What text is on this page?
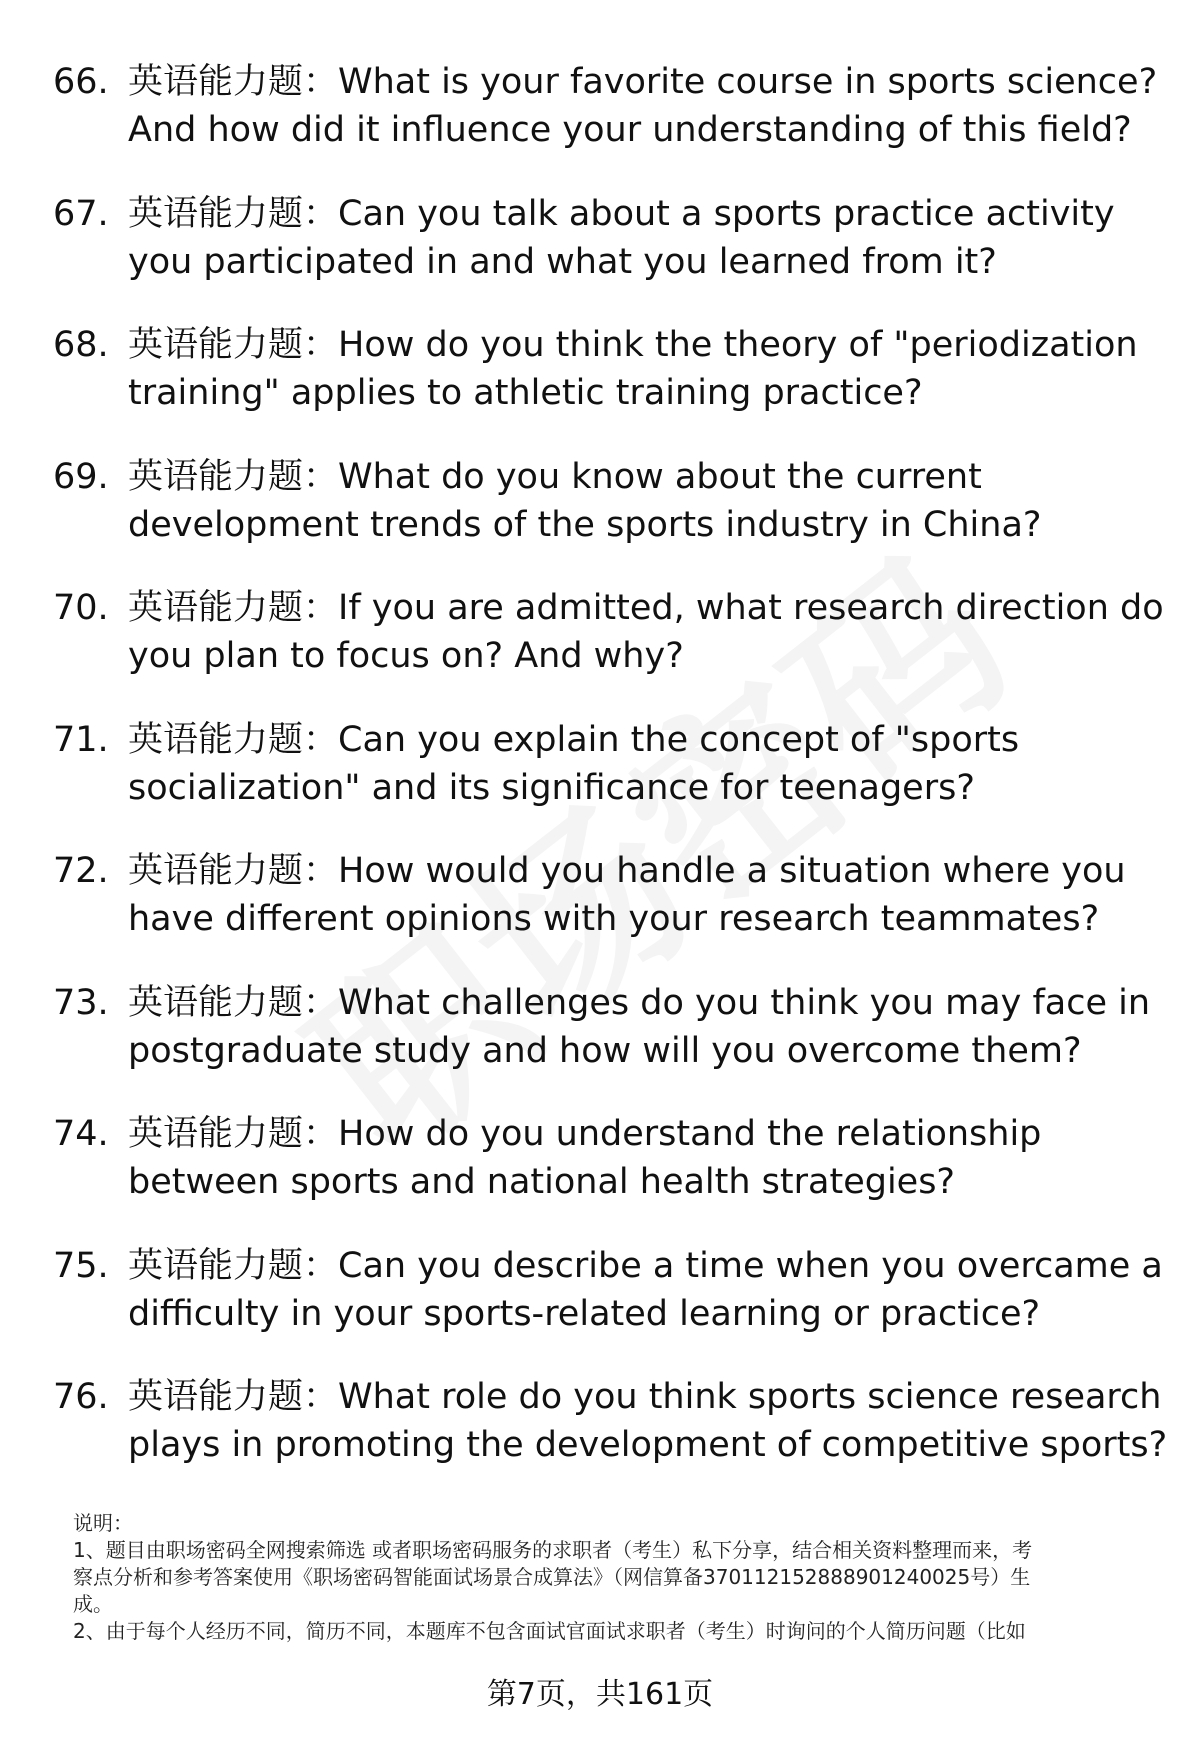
66. 英语能力题：What is your favorite course in sports science?
And how did it influence your understanding of this field?
67. 英语能力题：Can you talk about a sports practice activity
you participated in and what you learned from it?
68. 英语能力题：How do you think the theory of "periodization
training" applies to athletic training practice?
69. 英语能力题：What do you know about the current
development trends of the sports industry in China?
70. 英语能力题：If you are admitted, what research direction do
you plan to focus on? And why?
71. 英语能力题：Can you explain the concept of "sports
socialization" and its significance for teenagers?
72. 英语能力题：How would you handle a situation where you
have different opinions with your research teammates?
73. 英语能力题：What challenges do you think you may face in
postgraduate study and how will you overcome them?
74. 英语能力题：How do you understand the relationship
between sports and national health strategies?
75. 英语能力题：Can you describe a time when you overcame a
difficulty in your sports-related learning or practice?
76. 英语能力题：What role do you think sports science research
plays in promoting the development of competitive sports?

说明：

1、题目由职场密码全网搜索筛选 或者职场密码服务的求职者（考生）私下分享，结合相关资料整理而来，考

察点分析和参考答案使用《职场密码智能面试场景合成算法》（网信算备370112152888901240025号）生

成。

2、由于每个人经历不同，简历不同，本题库不包含面试官面试求职者（考生）时询问的个人简历问题（比如

第7页，共161页
